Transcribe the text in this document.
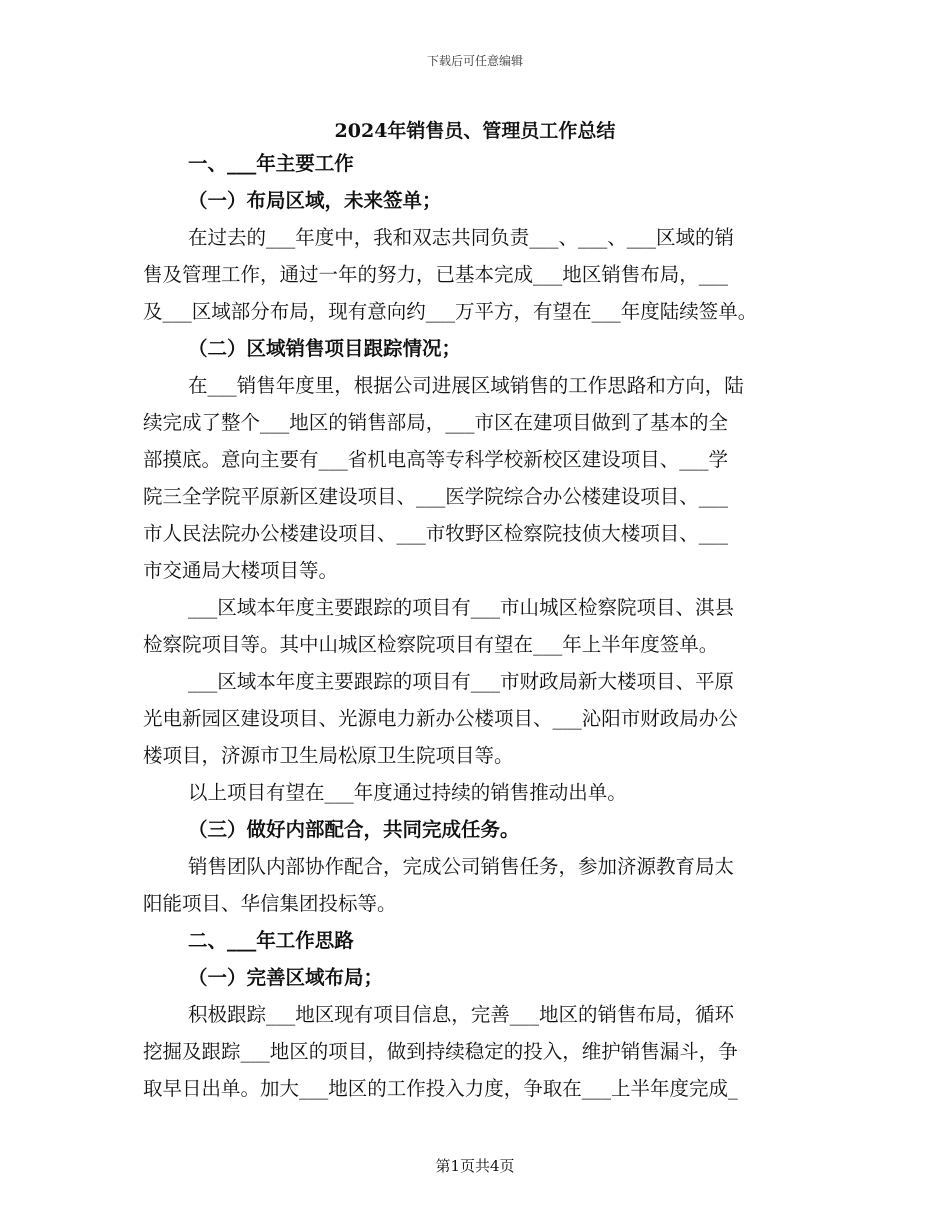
下载后可任意编辑
2024年销售员、管理员工作总结
一、___年主要工作
（一）布局区域，未来签单；
在过去的___年度中，我和双志共同负责___、___、___区域的销
售及管理工作，通过一年的努力，已基本完成___地区销售布局，___
及___区域部分布局，现有意向约___万平方，有望在___年度陆续签单。
（二）区域销售项目跟踪情况；
在___销售年度里，根据公司进展区域销售的工作思路和方向，陆
续完成了整个___地区的销售部局，___市区在建项目做到了基本的全
部摸底。意向主要有___省机电高等专科学校新校区建设项目、___学
院三全学院平原新区建设项目、___医学院综合办公楼建设项目、___
市人民法院办公楼建设项目、___市牧野区检察院技侦大楼项目、___
市交通局大楼项目等。
___区域本年度主要跟踪的项目有___市山城区检察院项目、淇县
检察院项目等。其中山城区检察院项目有望在___年上半年度签单。
___区域本年度主要跟踪的项目有___市财政局新大楼项目、平原
光电新园区建设项目、光源电力新办公楼项目、___沁阳市财政局办公
楼项目，济源市卫生局松原卫生院项目等。
以上项目有望在___年度通过持续的销售推动出单。
（三）做好内部配合，共同完成任务。
销售团队内部协作配合，完成公司销售任务，参加济源教育局太
阳能项目、华信集团投标等。
二、___年工作思路
（一）完善区域布局；
积极跟踪___地区现有项目信息，完善___地区的销售布局，循环
挖掘及跟踪___地区的项目，做到持续稳定的投入，维护销售漏斗，争
取早日出单。加大___地区的工作投入力度，争取在___上半年度完成_
第1页共4页
